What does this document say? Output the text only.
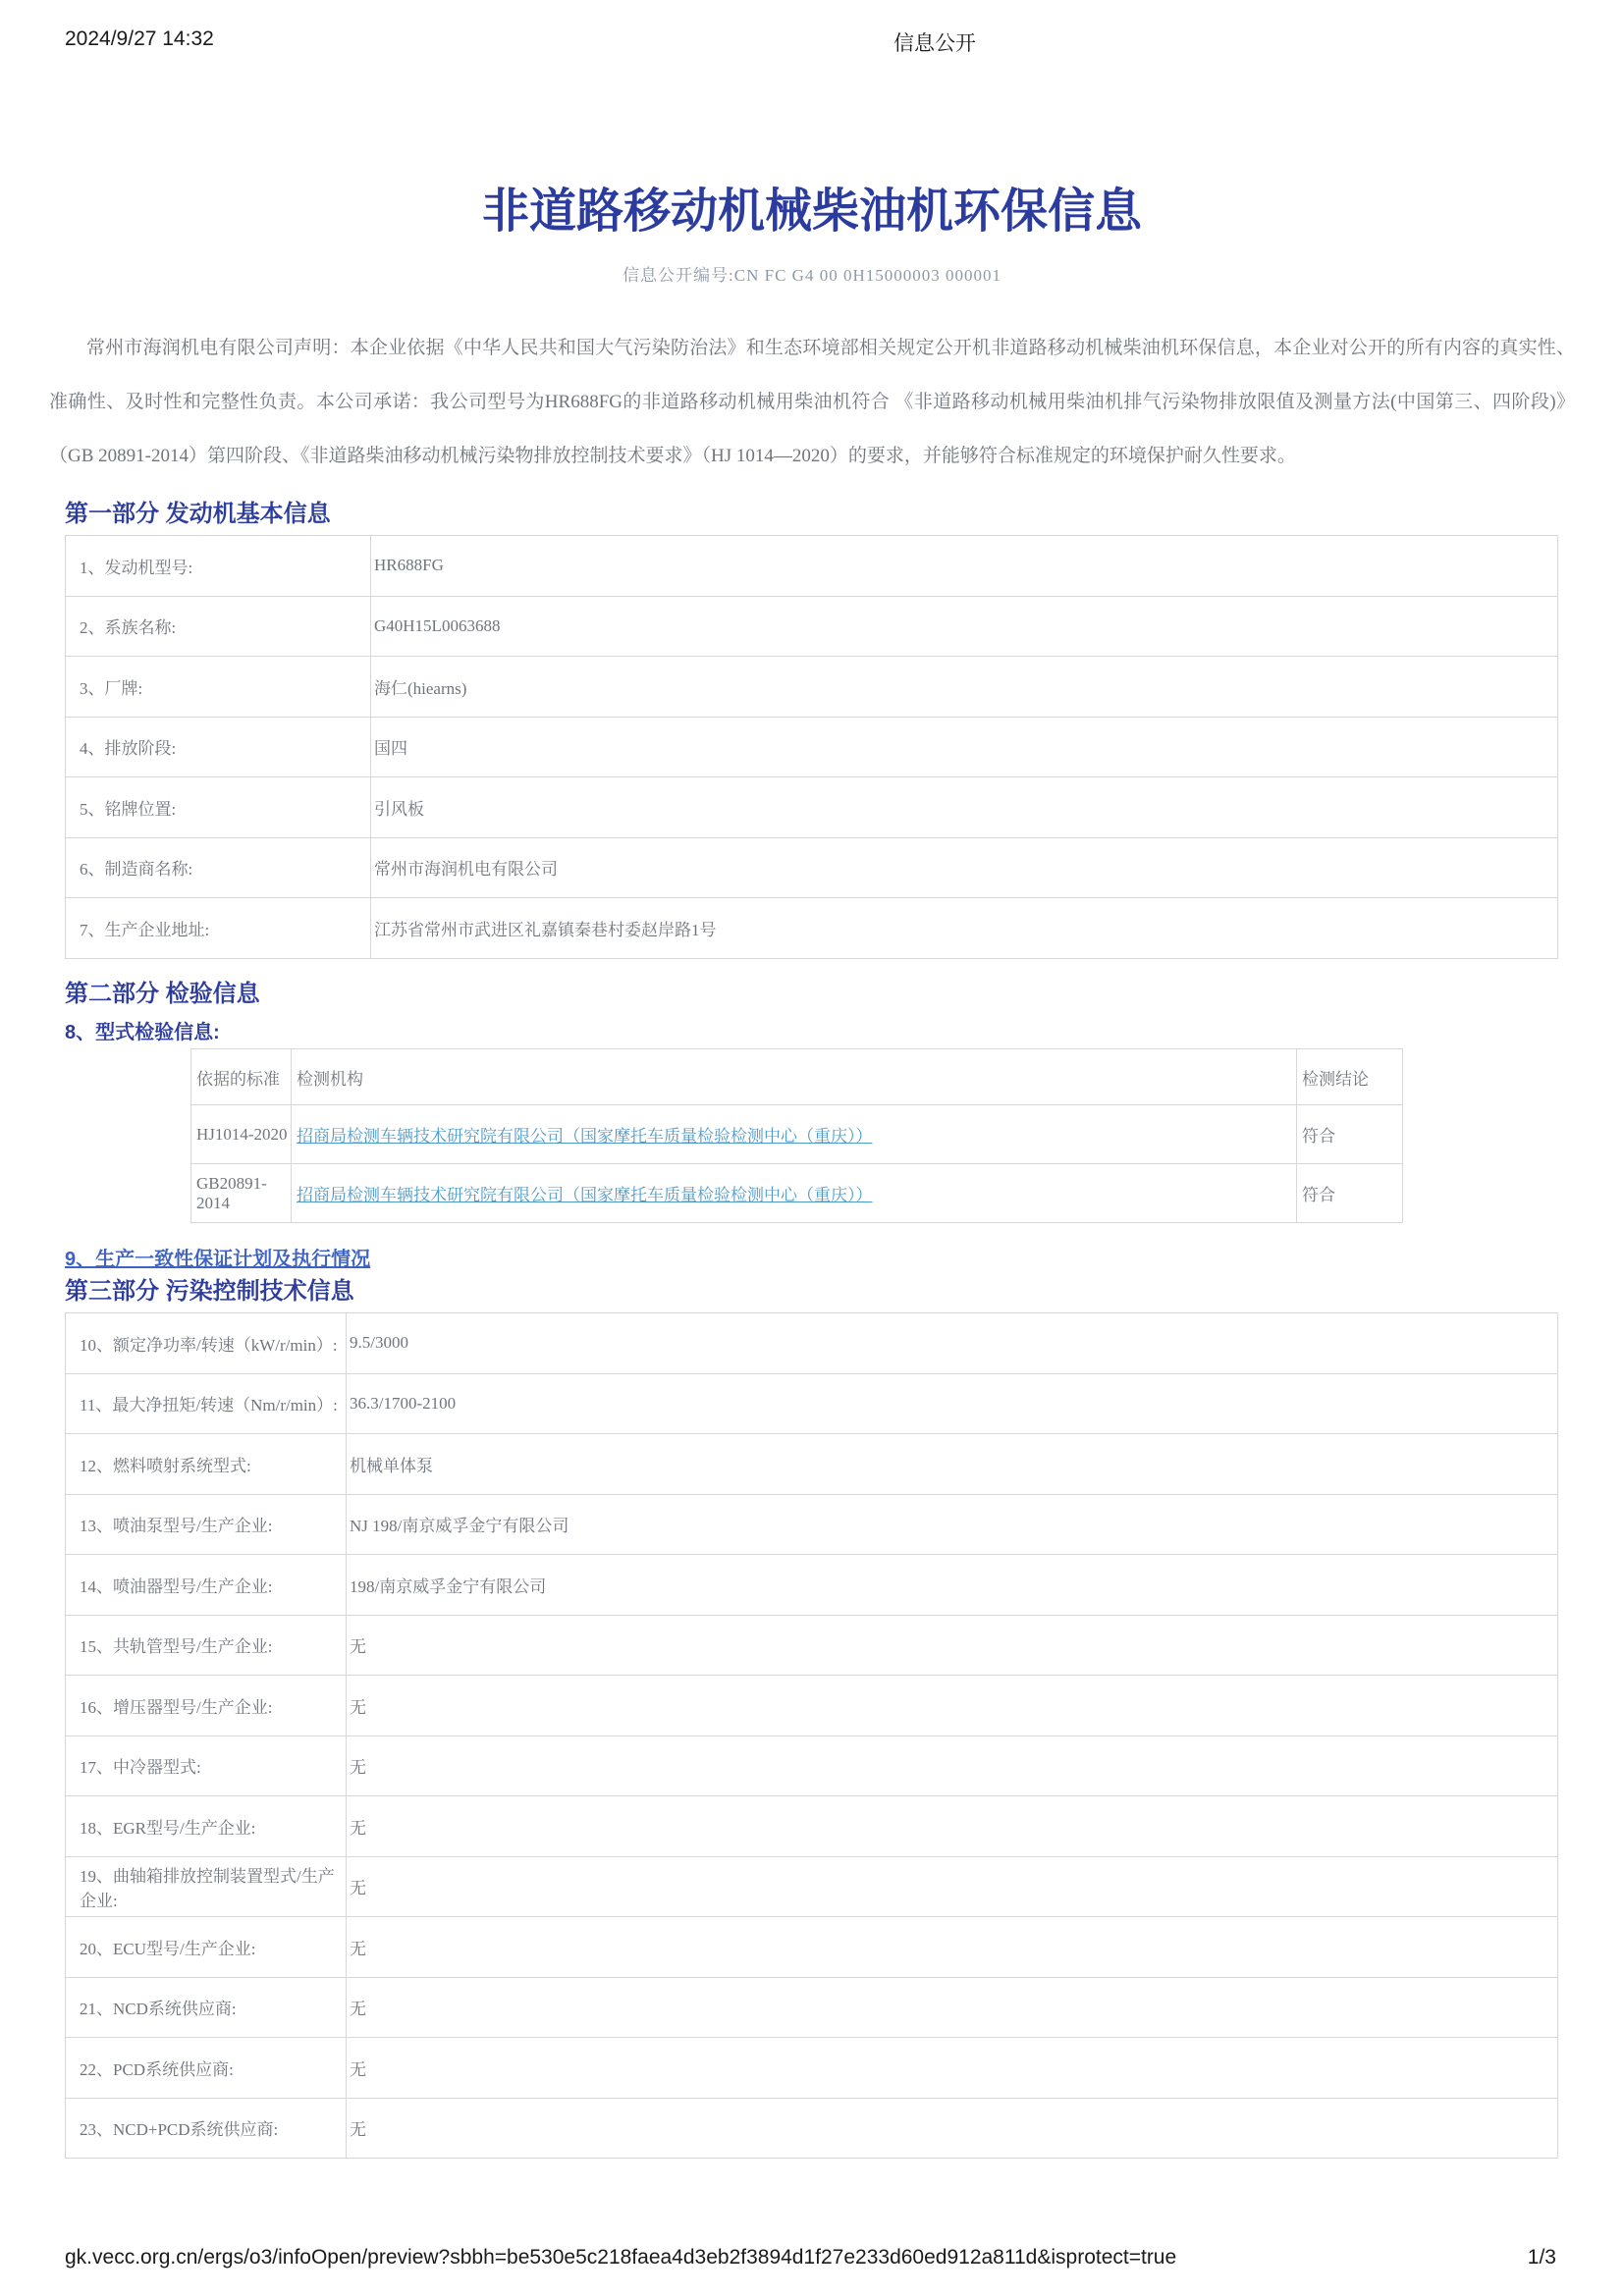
2024/9/27 14:32	信息公开
非道路移动机械柴油机环保信息
信息公开编号:CN FC G4 00 0H15000003 000001

常州市海润机电有限公司声明：本企业依据《中华人民共和国大气污染防治法》和生态环境部相关规定公开机非道路移动机械柴油机环保信息，本企业对公开的所有内容的真实性、准确性、及时性和完整性负责。本公司承诺：我公司型号为HR688FG的非道路移动机械用柴油机符合 《非道路移动机械用柴油机排气污染物排放限值及测量方法(中国第三、四阶段)》（GB 20891-2014）第四阶段、《非道路柴油移动机械污染物排放控制技术要求》（HJ 1014—2020）的要求，并能够符合标准规定的环境保护耐久性要求。

第一部分 发动机基本信息
1、发动机型号:	HR688FG
2、系族名称:	G40H15L0063688
3、厂牌:	海仁(hiearns)
4、排放阶段:	国四
5、铭牌位置:	引风板
6、制造商名称:	常州市海润机电有限公司
7、生产企业地址:	江苏省常州市武进区礼嘉镇秦巷村委赵岸路1号
第二部分 检验信息
8、型式检验信息:
依据的标准	检测机构	检测结论
HJ1014-2020	招商局检测车辆技术研究院有限公司（国家摩托车质量检验检测中心（重庆））	符合
GB20891-2014	招商局检测车辆技术研究院有限公司（国家摩托车质量检验检测中心（重庆））	符合
9、生产一致性保证计划及执行情况
第三部分 污染控制技术信息
10、额定净功率/转速（kW/r/min）:	9.5/3000
11、最大净扭矩/转速（Nm/r/min）:	36.3/1700-2100
12、燃料喷射系统型式:	机械单体泵
13、喷油泵型号/生产企业:	NJ 198/南京威孚金宁有限公司
14、喷油器型号/生产企业:	198/南京威孚金宁有限公司
15、共轨管型号/生产企业:	无
16、增压器型号/生产企业:	无
17、中冷器型式:	无
18、EGR型号/生产企业:	无
19、曲轴箱排放控制装置型式/生产企业:	无
20、ECU型号/生产企业:	无
21、NCD系统供应商:	无
22、PCD系统供应商:	无
23、NCD+PCD系统供应商:	无
gk.vecc.org.cn/ergs/o3/infoOpen/preview?sbbh=be530e5c218faea4d3eb2f3894d1f27e233d60ed912a811d&isprotect=true	1/3
